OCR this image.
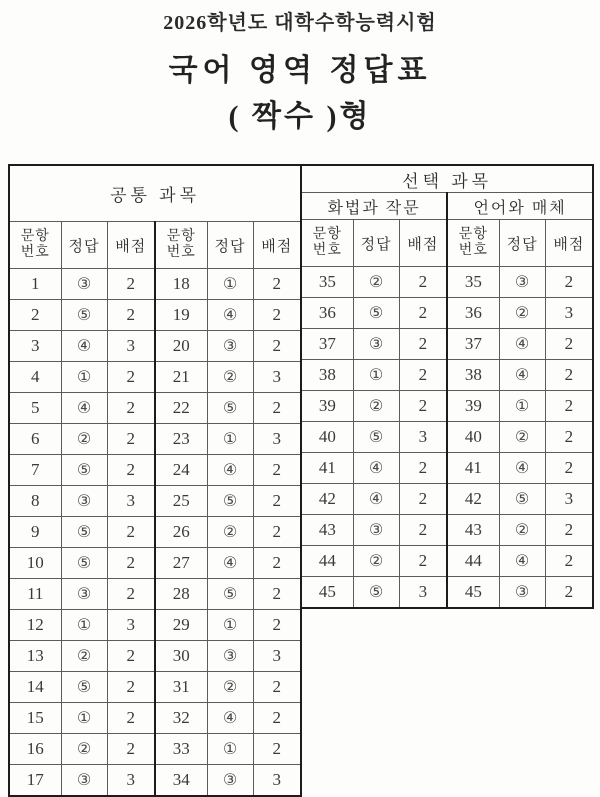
2026학년도 대학수학능력시험
국어 영역 정답표
( 짝수 )형
공통 과목					

문항
번호	정답	배점	
문항
번호	정답	배점
1	③	2	18	①	2
2	⑤	2	19	④	2
3	④	3	20	③	2
4	①	2	21	②	3
5	④	2	22	⑤	2
6	②	2	23	①	3
7	⑤	2	24	④	2
8	③	3	25	⑤	2
9	⑤	2	26	②	2
10	⑤	2	27	④	2
11	③	2	28	⑤	2
12	①	3	29	①	2
13	②	2	30	③	3
14	⑤	2	31	②	2
15	①	2	32	④	2
16	②	2	33	①	2
17	③	3	34	③	3
선택 과목					
화법과 작문			언어와 매체		

문항
번호	정답	배점	
문항
번호	정답	배점
35	②	2	35	③	2
36	⑤	2	36	②	3
37	③	2	37	④	2
38	①	2	38	④	2
39	②	2	39	①	2
40	⑤	3	40	②	2
41	④	2	41	④	2
42	④	2	42	⑤	3
43	③	2	43	②	2
44	②	2	44	④	2
45	⑤	3	45	③	2
